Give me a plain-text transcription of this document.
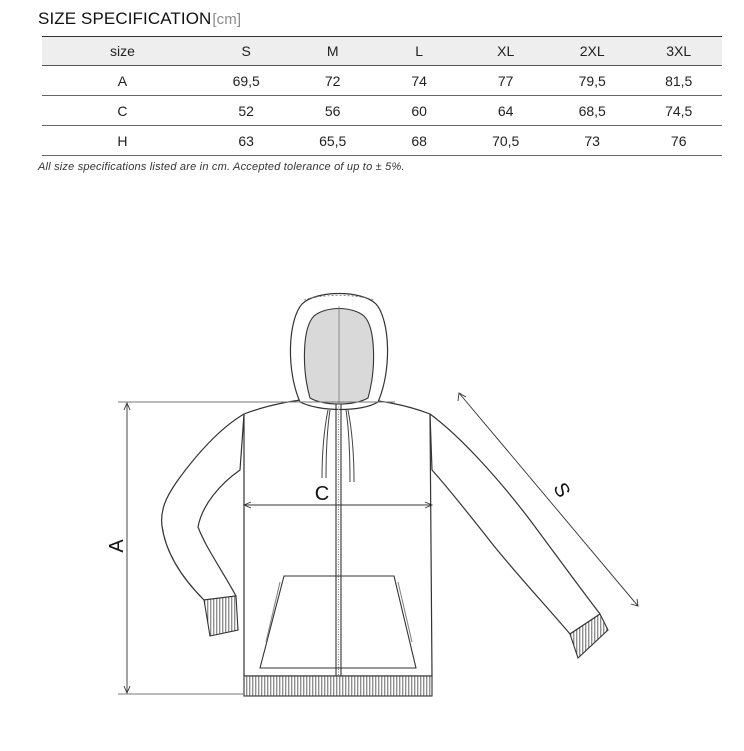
SIZE SPECIFICATION[cm]
size	S	M	L	XL	2XL	3XL
A	69,5	72	74	77	79,5	81,5
C	52	56	60	64	68,5	74,5
H	63	65,5	68	70,5	73	76
All size specifications listed are in cm. Accepted tolerance of up to ± 5%.
A
C	S
